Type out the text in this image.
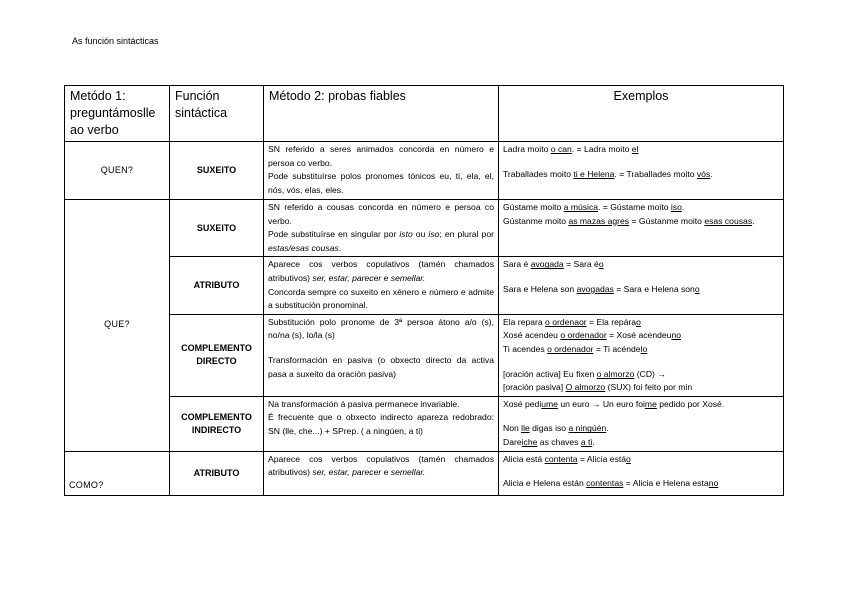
As función sintácticas
Metódo 1: preguntámoslle ao verbo	Función sintáctica	Método 2: probas fiables	Exemplos
QUEN?	SUXEITO	SN referido a seres animados concorda en número e persoa co verbo.
Pode substituírse polos pronomes tónicos eu, ti, ela, el, nós, vós, elas, eles.	Ladra moito o can. = Ladra moito el
Traballades moito ti e Helena. = Traballades moito vós.

QUE?	SUXEITO	SN referido a cousas concorda en número e persoa co verbo.
Pode substituírse en singular por isto ou iso; en plural por estas/esas cousas.	Gústame moito a música. = Gústame moito iso.
Gústanme moito as mazas agres = Gústanme moito esas cousas.

	ATRIBUTO	Aparece cos verbos copulativos (tamén chamados atributivos) ser, estar, parecer e semellar.
Concorda sempre co suxeito en xénero e número e admite a substitución pronominal.	Sara é avogada = Sara éo
Sara e Helena son avogadas = Sara e Helena sono

	COMPLEMENTO DIRECTO	Substitución polo pronome de 3ª persoa átono a/o (s), no/na (s), lo/la (s)
Transformación en pasiva (o obxecto directo da activa pasa a suxeito da oración pasiva)	Ela repara o ordenaor = Ela repárao
Xosé acendeu o ordenador = Xosé acendeuno
Ti acendes o ordenador = Ti acéndelo
[oración activa] Eu fixen o almorzo (CD) →
[oración pasiva] O almorzo (SUX) foi feito por min

	COMPLEMENTO INDIRECTO	Na transformación á pasiva permanece invariable.
É frecuente que o obxecto indirecto apareza redobrado: SN (lle, che...) + SPrep. ( a ningúen, a ti)	Xosé pediume un euro → Un euro foime pedido por Xosé.
Non lle digas iso a ningúén.
Dareiche as chaves a ti.

COMO?	ATRIBUTO	Aparece cos verbos copulativos (tamén chamados atributivos) ser, estar, parecer e semellar.	Alicia está contenta = Alicia estáo
Alicia e Helena están contentas = Alicia e Helena estano
